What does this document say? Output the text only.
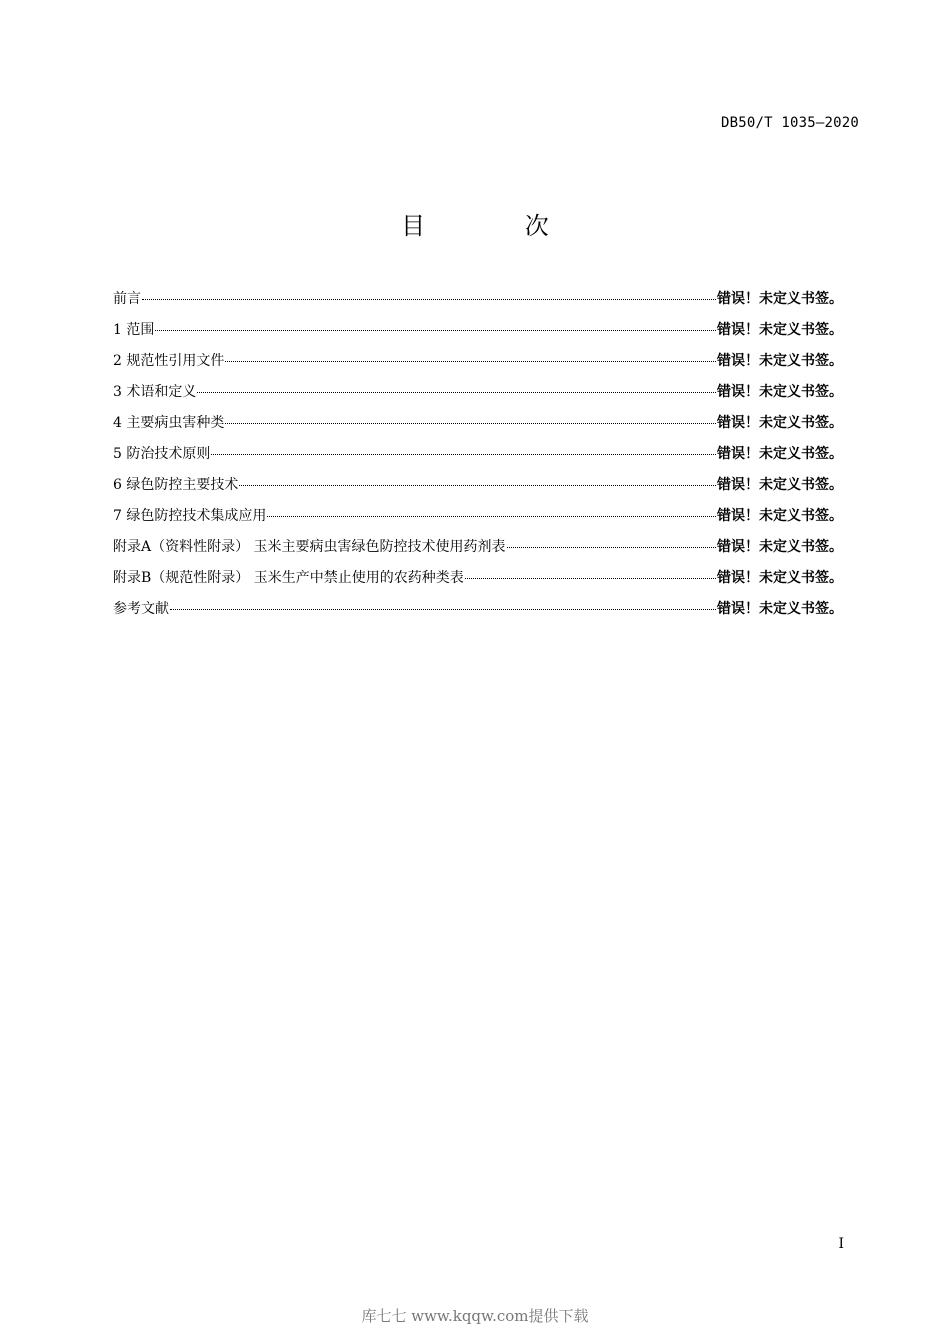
DB50/T 1035—2020
目 次
前言	错误！未定义书签。
1 范围	错误！未定义书签。
2 规范性引用文件	错误！未定义书签。
3 术语和定义	错误！未定义书签。
4 主要病虫害种类	错误！未定义书签。
5 防治技术原则	错误！未定义书签。
6 绿色防控主要技术	错误！未定义书签。
7 绿色防控技术集成应用	错误！未定义书签。
附录A（资料性附录） 玉米主要病虫害绿色防控技术使用药剂表	错误！未定义书签。
附录B（规范性附录） 玉米生产中禁止使用的农药种类表	错误！未定义书签。
参考文献	错误！未定义书签。
I
库七七 www.kqqw.com提供下载
